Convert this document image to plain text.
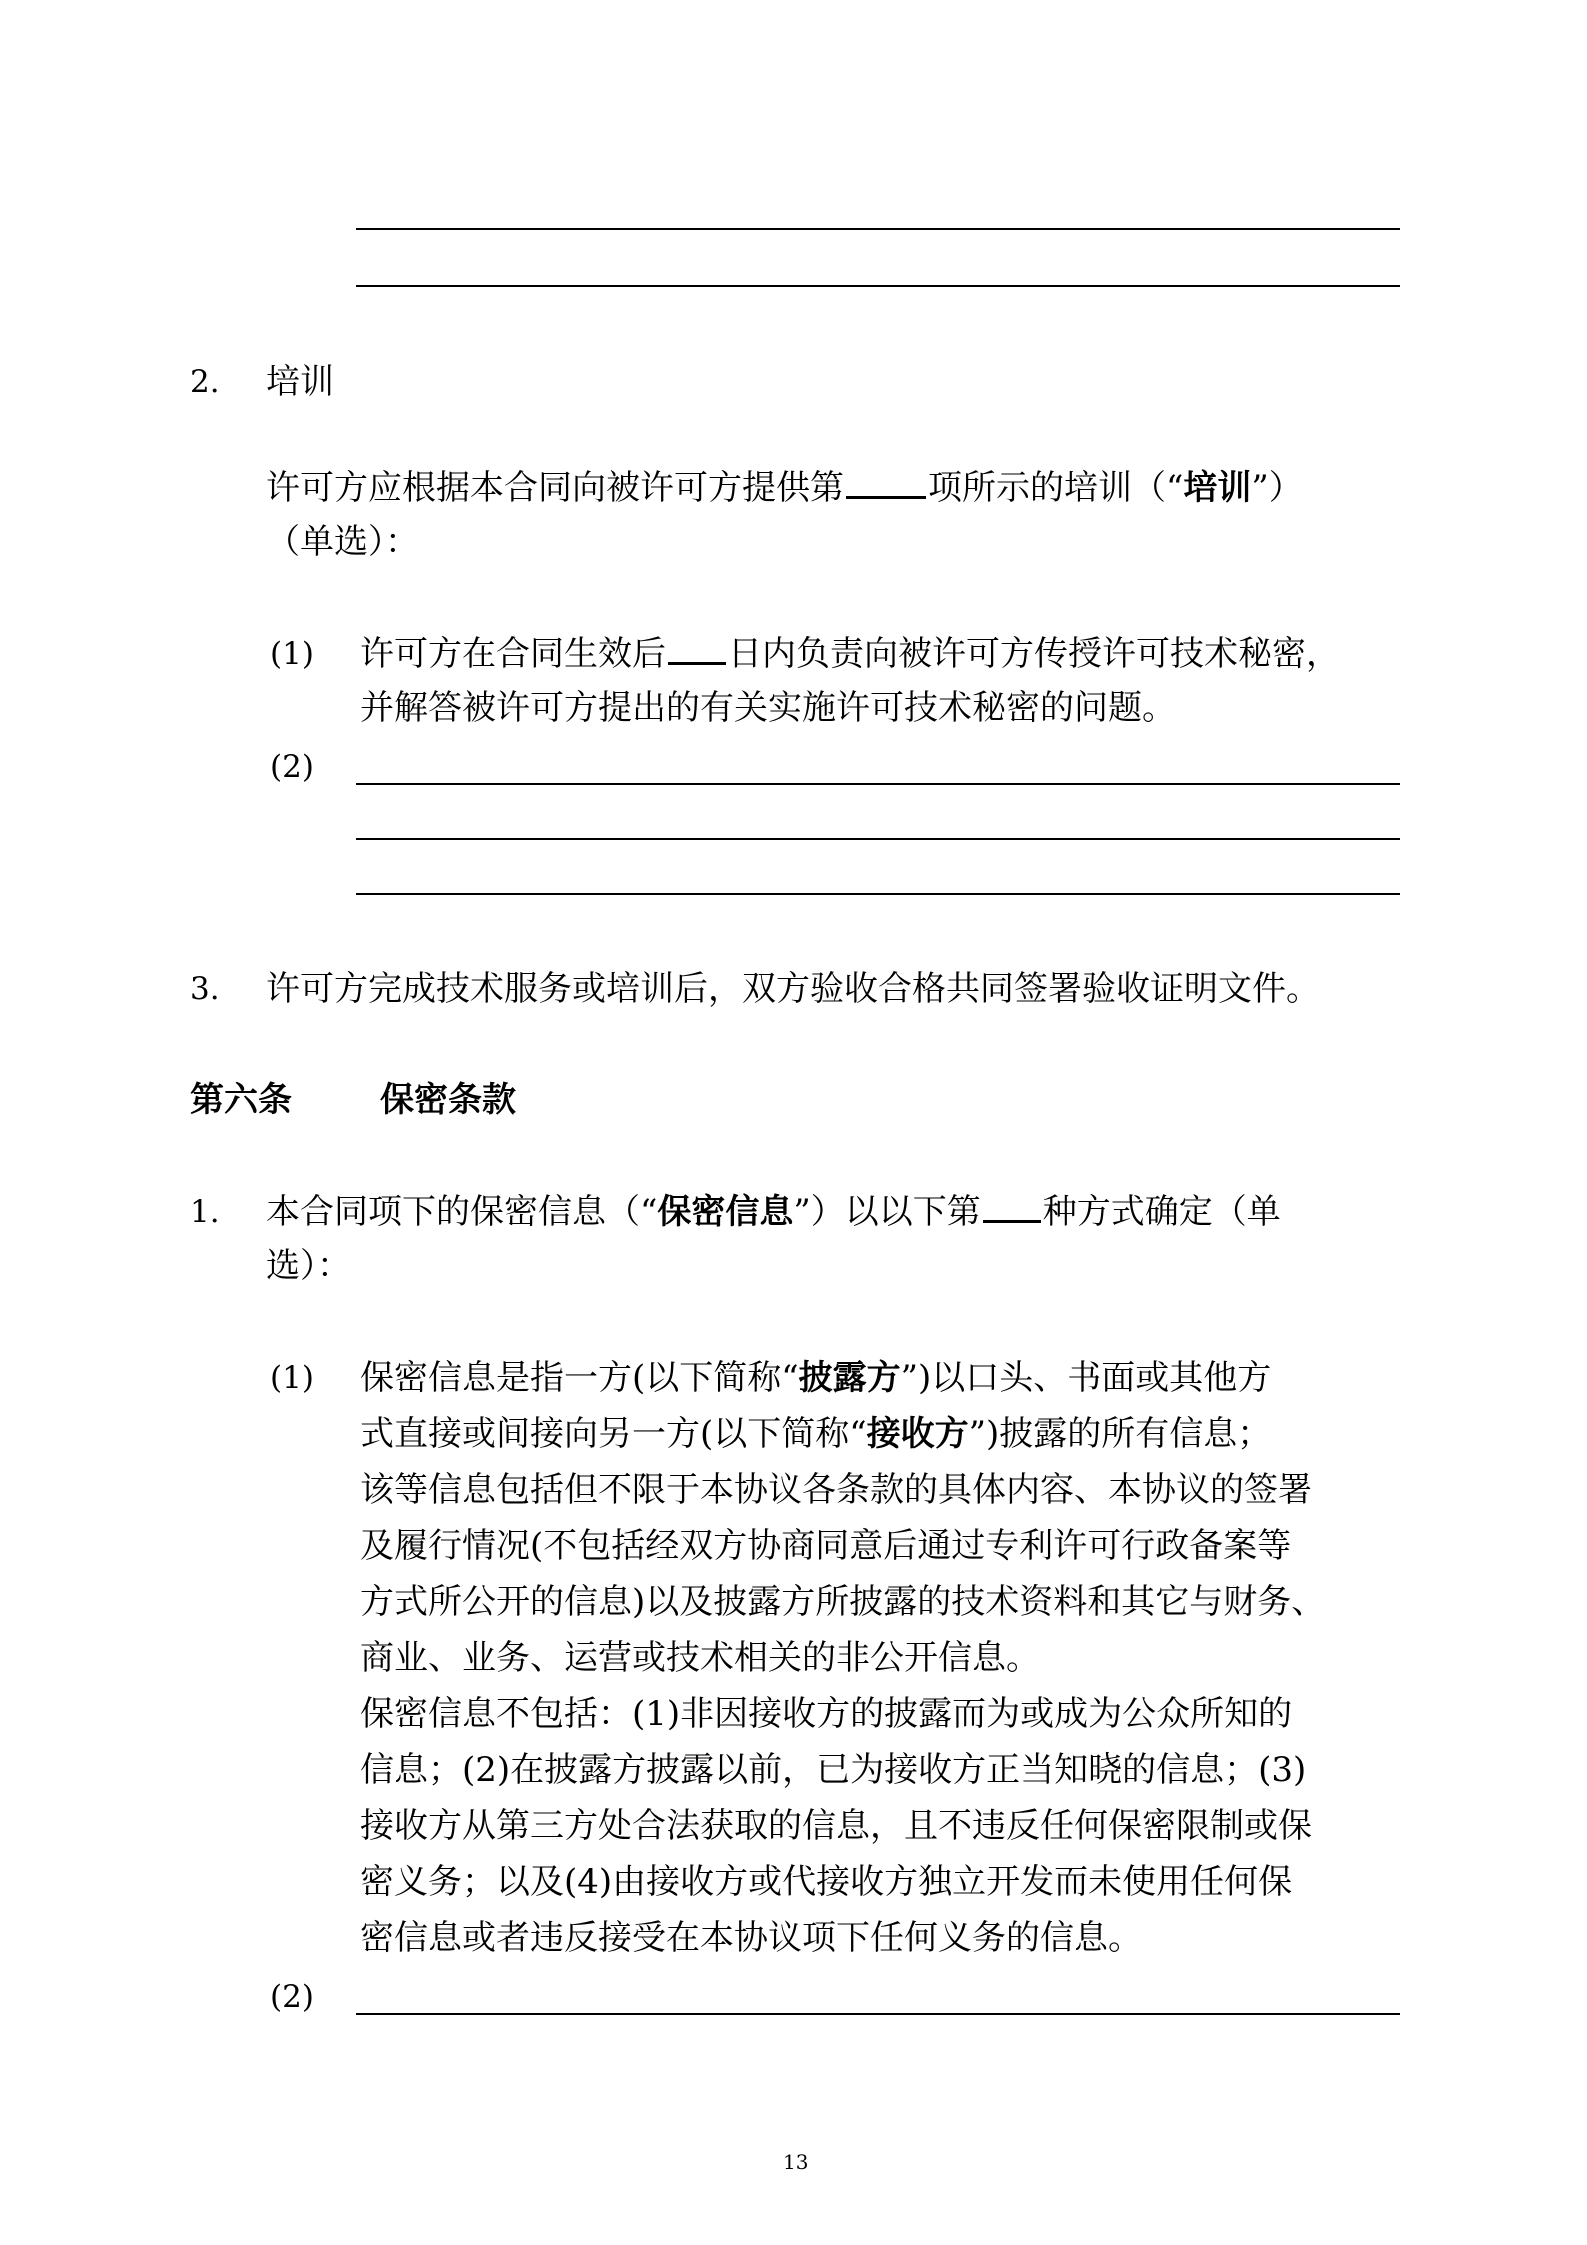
2. 培训
许可方应根据本合同向被许可方提供第 项所示的培训（“培训”）
（单选）：
(1) 许可方在合同生效后 日内负责向被许可方传授许可技术秘密，
并解答被许可方提出的有关实施许可技术秘密的问题。
(2)
3. 许可方完成技术服务或培训后，双方验收合格共同签署验收证明文件。
第六条	保密条款
1. 本合同项下的保密信息（“保密信息”）以以下第 种方式确定（单
选）：
(1) 保密信息是指一方(以下简称“披露方”)以口头、书面或其他方
式直接或间接向另一方(以下简称“接收方”)披露的所有信息；
该等信息包括但不限于本协议各条款的具体内容、本协议的签署
及履行情况(不包括经双方协商同意后通过专利许可行政备案等
方式所公开的信息)以及披露方所披露的技术资料和其它与财务、
商业、业务、运营或技术相关的非公开信息。
保密信息不包括：(1)非因接收方的披露而为或成为公众所知的
信息；(2)在披露方披露以前，已为接收方正当知晓的信息；(3)
接收方从第三方处合法获取的信息，且不违反任何保密限制或保
密义务；以及(4)由接收方或代接收方独立开发而未使用任何保
密信息或者违反接受在本协议项下任何义务的信息。
(2)
13
